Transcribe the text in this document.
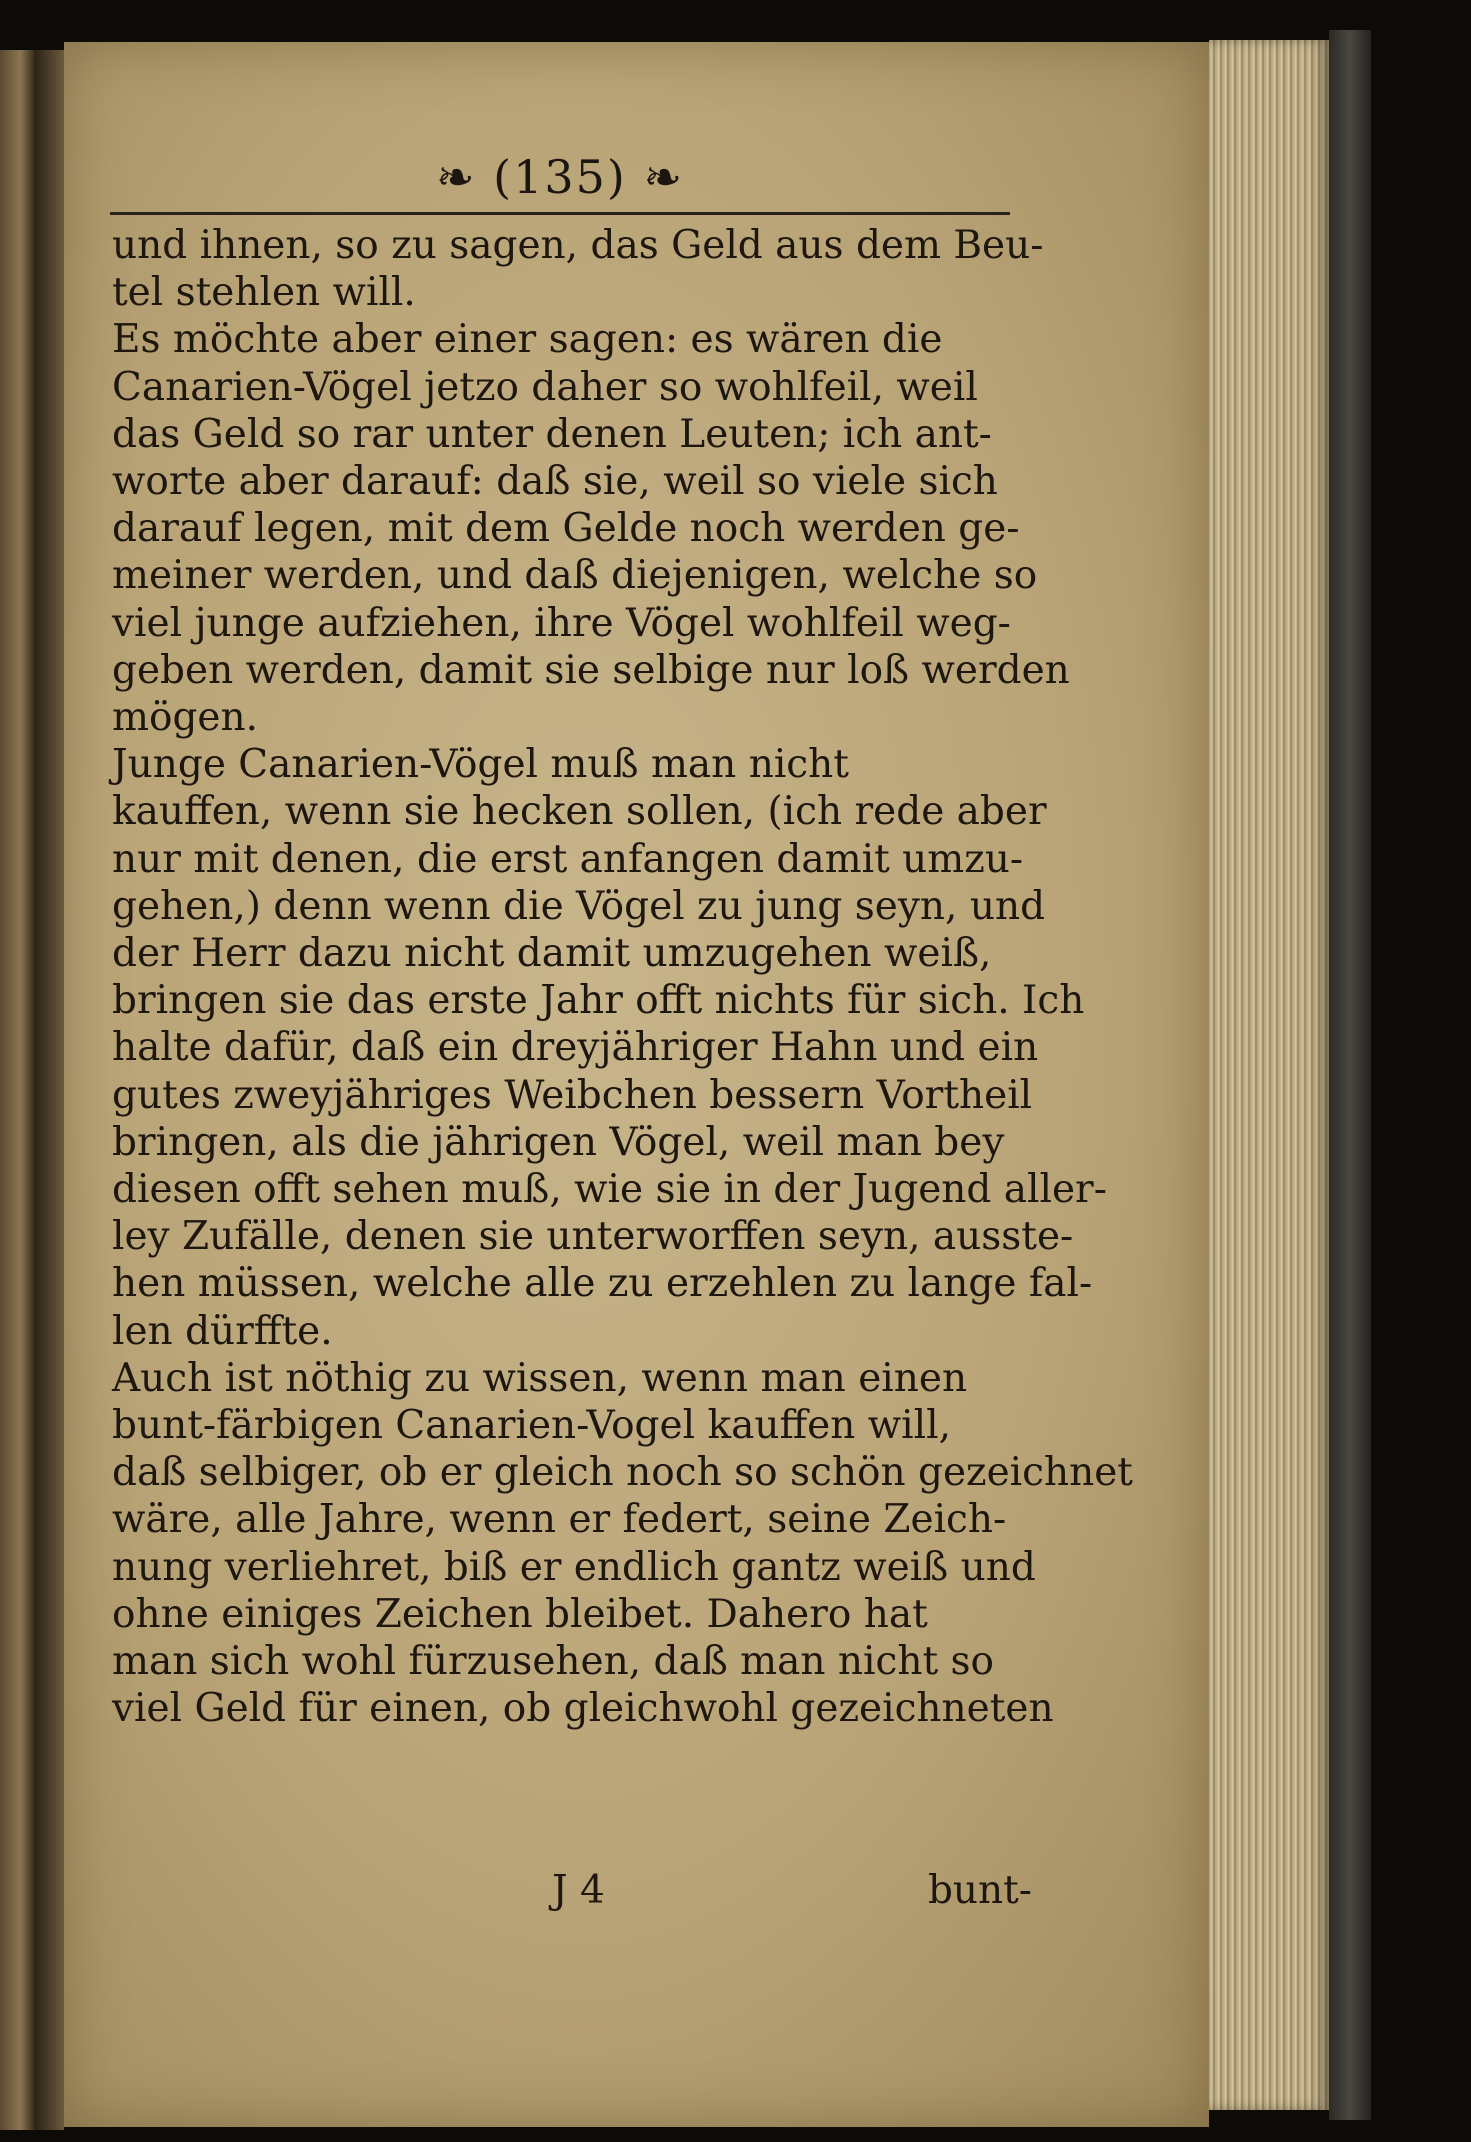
❧ (135) ❧
und ihnen, so zu sagen, das Geld aus dem Beu-
tel stehlen will.
Es möchte aber einer sagen: es wären die
Canarien-Vögel jetzo daher so wohlfeil, weil
das Geld so rar unter denen Leuten; ich ant-
worte aber darauf: daß sie, weil so viele sich
darauf legen, mit dem Gelde noch werden ge-
meiner werden, und daß diejenigen, welche so
viel junge aufziehen, ihre Vögel wohlfeil weg-
geben werden, damit sie selbige nur loß werden
mögen.
Junge Canarien-Vögel muß man nicht
kauffen, wenn sie hecken sollen, (ich rede aber
nur mit denen, die erst anfangen damit umzu-
gehen,) denn wenn die Vögel zu jung seyn, und
der Herr dazu nicht damit umzugehen weiß,
bringen sie das erste Jahr offt nichts für sich. Ich
halte dafür, daß ein dreyjähriger Hahn und ein
gutes zweyjähriges Weibchen bessern Vortheil
bringen, als die jährigen Vögel, weil man bey
diesen offt sehen muß, wie sie in der Jugend aller-
ley Zufälle, denen sie unterworffen seyn, ausste-
hen müssen, welche alle zu erzehlen zu lange fal-
len dürffte.
Auch ist nöthig zu wissen, wenn man einen
bunt-färbigen Canarien-Vogel kauffen will,
daß selbiger, ob er gleich noch so schön gezeichnet
wäre, alle Jahre, wenn er federt, seine Zeich-
nung verliehret, biß er endlich gantz weiß und
ohne einiges Zeichen bleibet. Dahero hat
man sich wohl fürzusehen, daß man nicht so
viel Geld für einen, ob gleichwohl gezeichneten
J 4	bunt-
